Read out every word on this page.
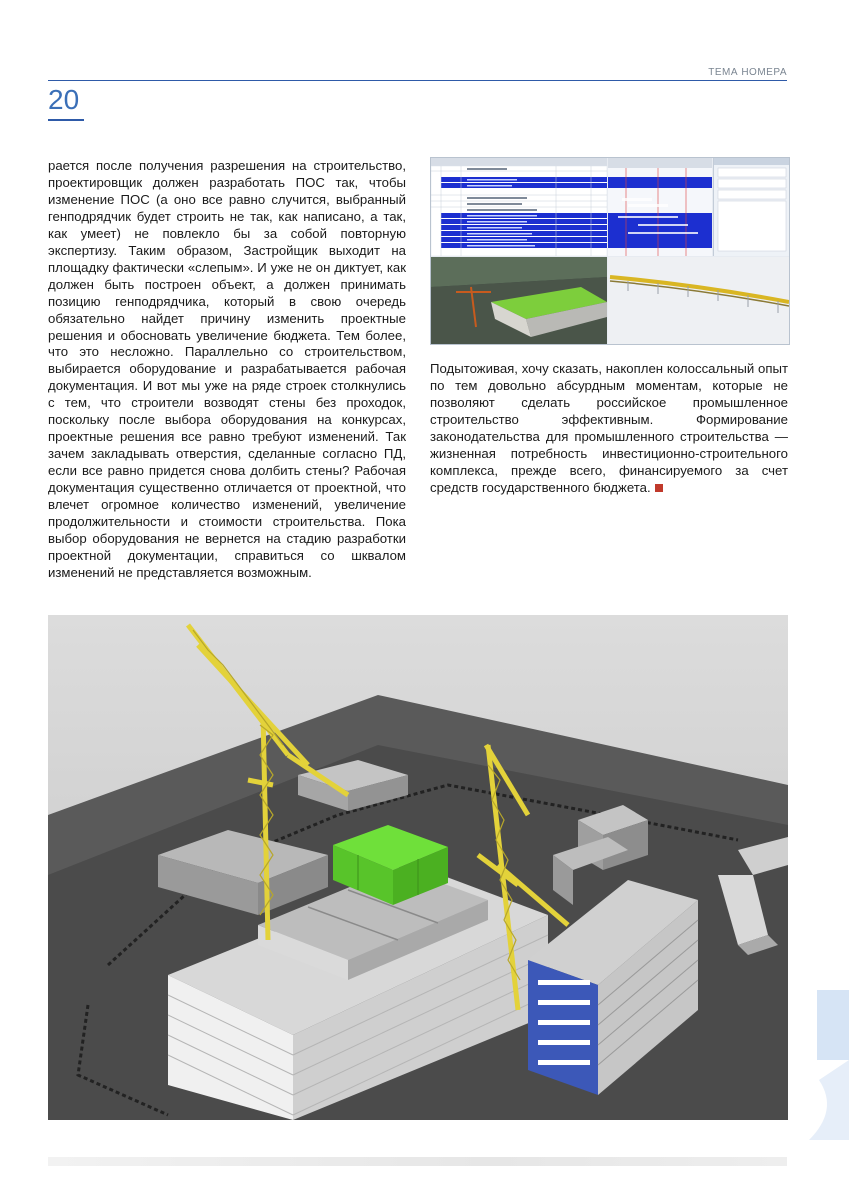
ТЕМА НОМЕРА
20

рается после получения разрешения на строительство, проектировщик должен разработать ПОС так, чтобы изменение ПОС (а оно все равно случится, выбранный генподрядчик будет строить не так, как написано, а так, как умеет) не повлекло бы за собой повторную экспертизу. Таким образом, Застройщик выходит на площадку фактически «слепым». И уже не он диктует, как должен быть построен объект, а должен принимать позицию генподрядчика, который в свою очередь обязательно найдет причину изменить проектные решения и обосновать увеличение бюджета. Тем более, что это несложно. Параллельно со строительством, выбирается оборудование и разрабатывается рабочая документация. И вот мы уже на ряде строек столкнулись с тем, что строители возводят стены без проходок, поскольку после выбора оборудования на конкурсах, проектные решения все равно требуют изменений. Так зачем закладывать отверстия, сделанные согласно ПД, если все равно придется снова долбить стены? Рабочая документация существенно отличается от проектной, что влечет огромное количество изменений, увеличение продолжительности и стоимости строительства. Пока выбор оборудования не вернется на стадию разработки проектной документации, справиться со шквалом изменений не представляется возможным.

Подытоживая, хочу сказать, накоплен колоссальный опыт по тем довольно абсурдным моментам, которые не позволяют сделать российское промышленное строительство эффективным. Формирование законодательства для промышленного строительства — жизненная потребность инвестиционно-строительного комплекса, прежде всего, финансируемого за счет средств государственного бюджета.
